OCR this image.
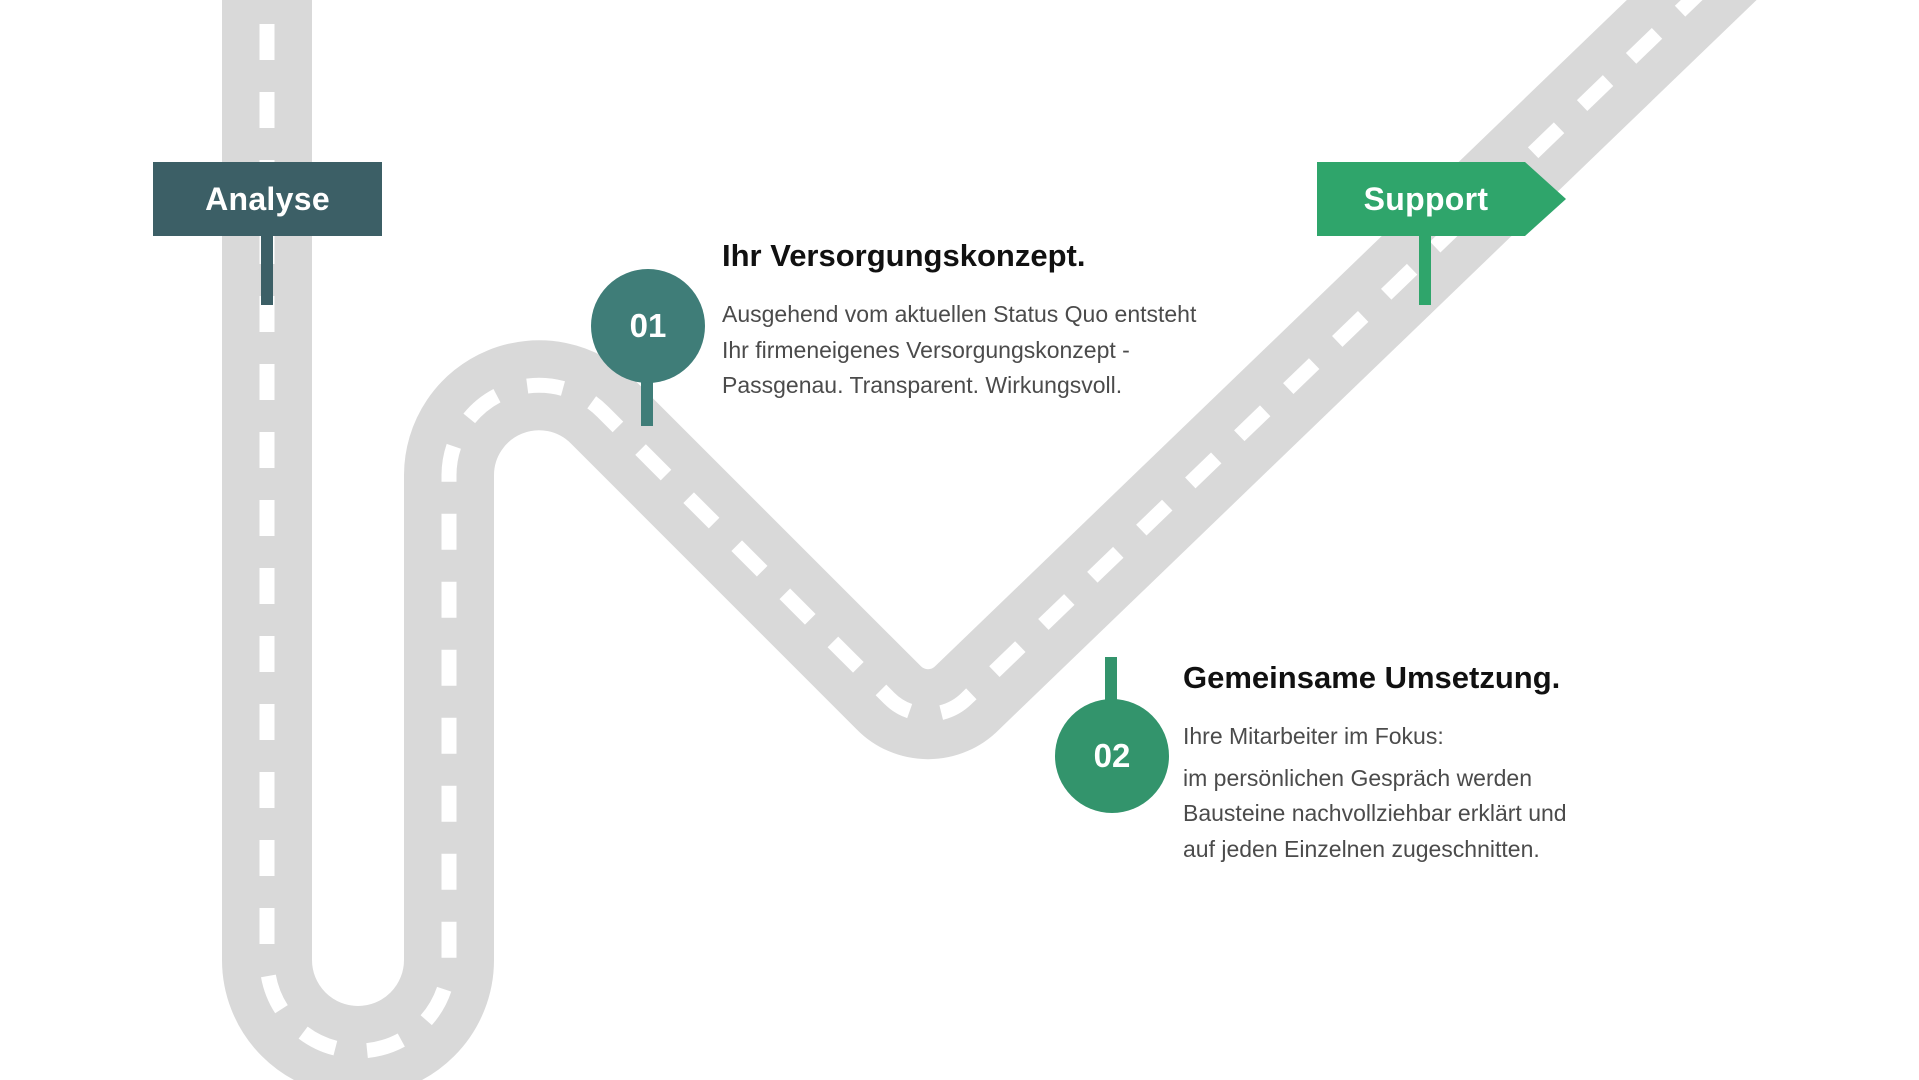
Analyse	Support
01
02
Ihr Versorgungskonzept.
Ausgehend vom aktuellen Status Quo entsteht
Ihr firmeneigenes Versorgungskonzept -
Passgenau. Transparent. Wirkungsvoll.
Gemeinsame Umsetzung.
Ihre Mitarbeiter im Fokus:
im persönlichen Gespräch werden
Bausteine nachvollziehbar erklärt und
auf jeden Einzelnen zugeschnitten.
